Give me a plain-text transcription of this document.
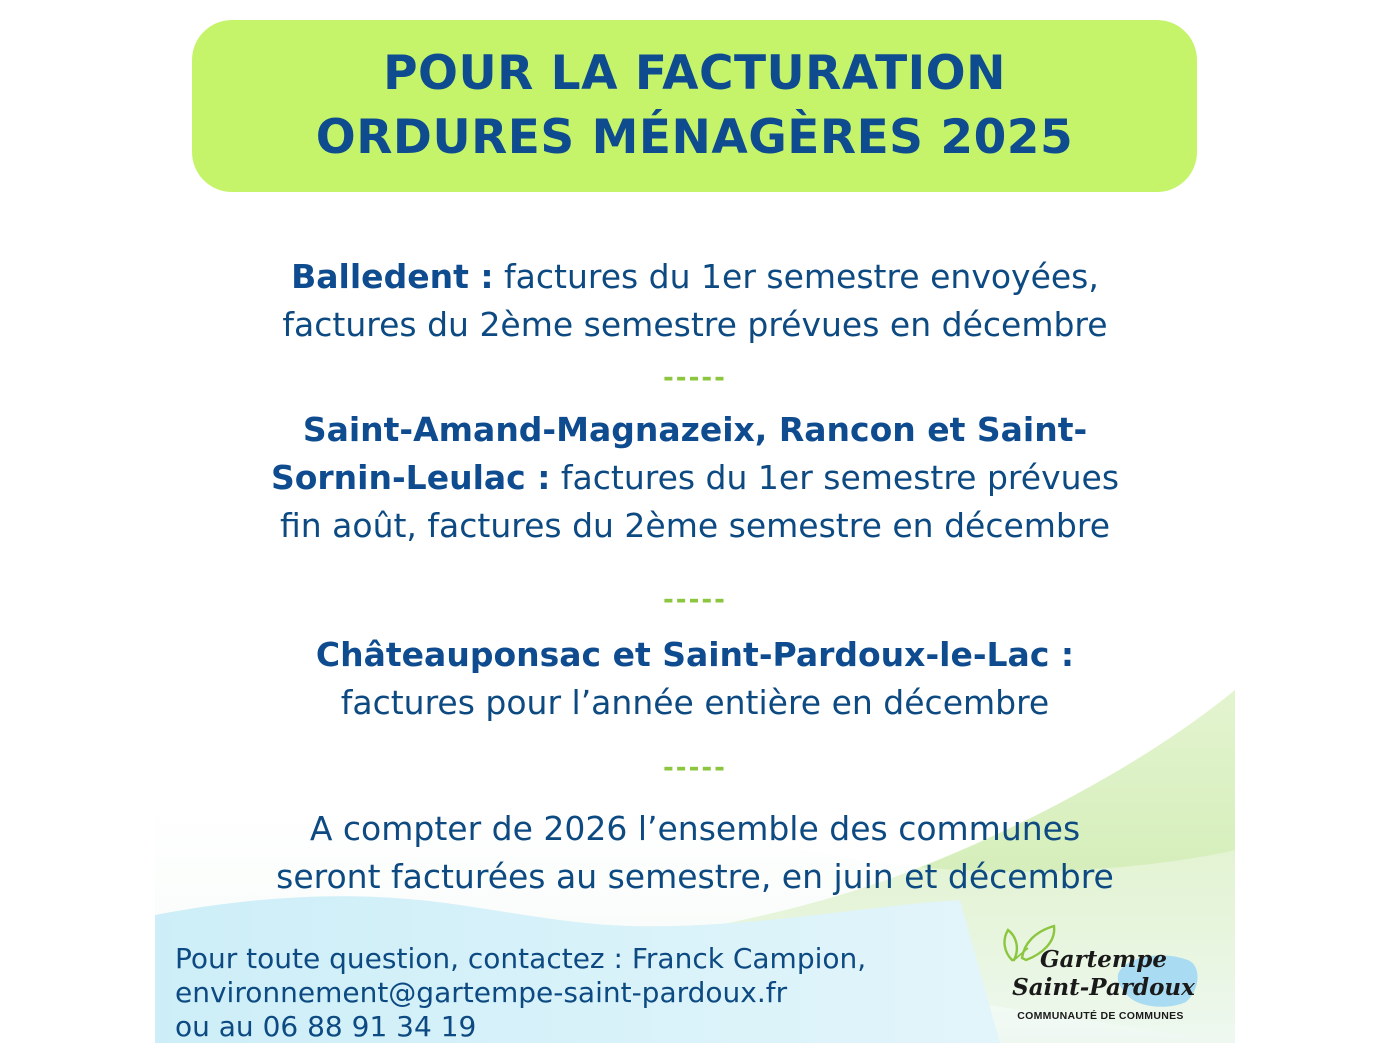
POUR LA FACTURATION
ORDURES MÉNAGÈRES 2025

Balledent : factures du 1er semestre envoyées,

factures du 2ème semestre prévues en décembre

-----

Saint-Amand-Magnazeix, Rancon et Saint-

Sornin-Leulac : factures du 1er semestre prévues

fin août, factures du 2ème semestre en décembre

-----

Châteauponsac et Saint-Pardoux-le-Lac :

factures pour l’année entière en décembre

-----

A compter de 2026 l’ensemble des communes

seront facturées au semestre, en juin et décembre

Pour toute question, contactez : Franck Campion,
environnement@gartempe-saint-pardoux.fr
ou au 06 88 91 34 19
Gartempe
Saint-Pardoux
COMMUNAUTÉ DE COMMUNES
